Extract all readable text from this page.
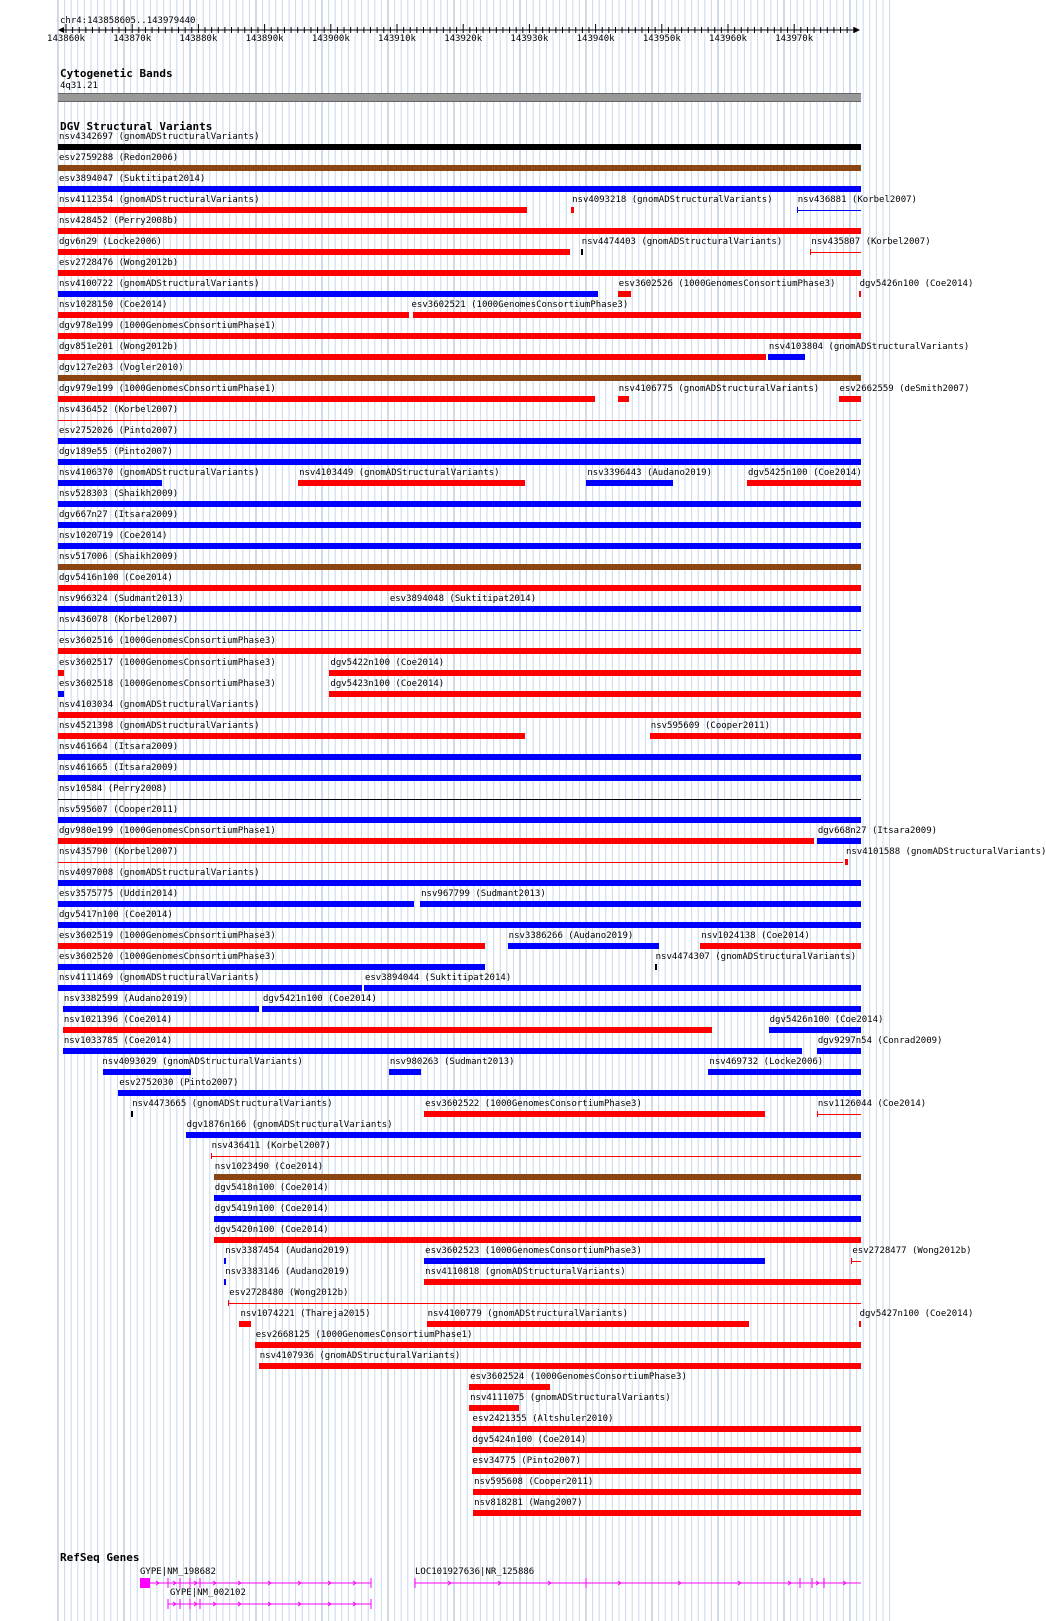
chr4:143858605..143979440
143860k	143870k	143880k	143890k	143900k	143910k	143920k	143930k	143940k	143950k	143960k	143970k
Cytogenetic Bands
4q31.21
DGV Structural Variants
nsv4342697 (gnomADStructuralVariants)
esv2759288 (Redon2006)
esv3894047 (Suktitipat2014)
nsv4112354 (gnomADStructuralVariants)	nsv4093218 (gnomADStructuralVariants)	nsv436881 (Korbel2007)
nsv428452 (Perry2008b)
dgv6n29 (Locke2006)	nsv4474403 (gnomADStructuralVariants)	nsv435807 (Korbel2007)
esv2728476 (Wong2012b)
nsv4100722 (gnomADStructuralVariants)	esv3602526 (1000GenomesConsortiumPhase3)	dgv5426n100 (Coe2014)
nsv1028150 (Coe2014)	esv3602521 (1000GenomesConsortiumPhase3)
dgv978e199 (1000GenomesConsortiumPhase1)
dgv851e201 (Wong2012b)	nsv4103804 (gnomADStructuralVariants)
dgv127e203 (Vogler2010)
dgv979e199 (1000GenomesConsortiumPhase1)	nsv4106775 (gnomADStructuralVariants) esv2662559 (deSmith2007)
nsv436452 (Korbel2007)
esv2752026 (Pinto2007)
dgv189e55 (Pinto2007)
nsv4106370 (gnomADStructuralVariants)	nsv4103449 (gnomADStructuralVariants)	nsv3396443 (Audano2019)	dgv5425n100 (Coe2014)
nsv528303 (Shaikh2009)
dgv667n27 (Itsara2009)
nsv1020719 (Coe2014)
nsv517006 (Shaikh2009)
dgv5416n100 (Coe2014)
nsv966324 (Sudmant2013)	esv3894048 (Suktitipat2014)
nsv436078 (Korbel2007)
esv3602516 (1000GenomesConsortiumPhase3)
esv3602517 (1000GenomesConsortiumPhase3)	dgv5422n100 (Coe2014)
esv3602518 (1000GenomesConsortiumPhase3)	dgv5423n100 (Coe2014)
nsv4103034 (gnomADStructuralVariants)
nsv4521398 (gnomADStructuralVariants)	nsv595609 (Cooper2011)
nsv461664 (Itsara2009)
nsv461665 (Itsara2009)
nsv10584 (Perry2008)
nsv595607 (Cooper2011)
dgv980e199 (1000GenomesConsortiumPhase1)	dgv668n27 (Itsara2009)
nsv435790 (Korbel2007)	nsv4101588 (gnomADStructuralVariants)
nsv4097008 (gnomADStructuralVariants)
esv3575775 (Uddin2014)	nsv967799 (Sudmant2013)
dgv5417n100 (Coe2014)
esv3602519 (1000GenomesConsortiumPhase3)	nsv3386266 (Audano2019)	nsv1024138 (Coe2014)
esv3602520 (1000GenomesConsortiumPhase3)	nsv4474307 (gnomADStructuralVariants)
nsv4111469 (gnomADStructuralVariants)	esv3894044 (Suktitipat2014)
nsv3382599 (Audano2019)	dgv5421n100 (Coe2014)
nsv1021396 (Coe2014)	dgv5426n100 (Coe2014)
nsv1033785 (Coe2014)	dgv9297n54 (Conrad2009)
nsv4093029 (gnomADStructuralVariants)	nsv980263 (Sudmant2013)	nsv469732 (Locke2006)
esv2752030 (Pinto2007)
nsv4473665 (gnomADStructuralVariants)	esv3602522 (1000GenomesConsortiumPhase3)	nsv1126044 (Coe2014)
dgv1876n166 (gnomADStructuralVariants)
nsv436411 (Korbel2007)
nsv1023490 (Coe2014)
dgv5418n100 (Coe2014)
dgv5419n100 (Coe2014)
dgv5420n100 (Coe2014)
nsv3387454 (Audano2019)	esv3602523 (1000GenomesConsortiumPhase3)	esv2728477 (Wong2012b)
nsv3383146 (Audano2019)	nsv4110818 (gnomADStructuralVariants)
esv2728480 (Wong2012b)
nsv1074221 (Thareja2015)	nsv4100779 (gnomADStructuralVariants)	dgv5427n100 (Coe2014)
esv2668125 (1000GenomesConsortiumPhase1)
nsv4107936 (gnomADStructuralVariants)
esv3602524 (1000GenomesConsortiumPhase3)
nsv4111075 (gnomADStructuralVariants)
esv2421355 (Altshuler2010)
dgv5424n100 (Coe2014)
esv34775 (Pinto2007)
nsv595608 (Cooper2011)
nsv818281 (Wang2007)
RefSeq Genes
GYPE|NM_198682
GYPE|NM_002102
LOC101927636|NR_125886
